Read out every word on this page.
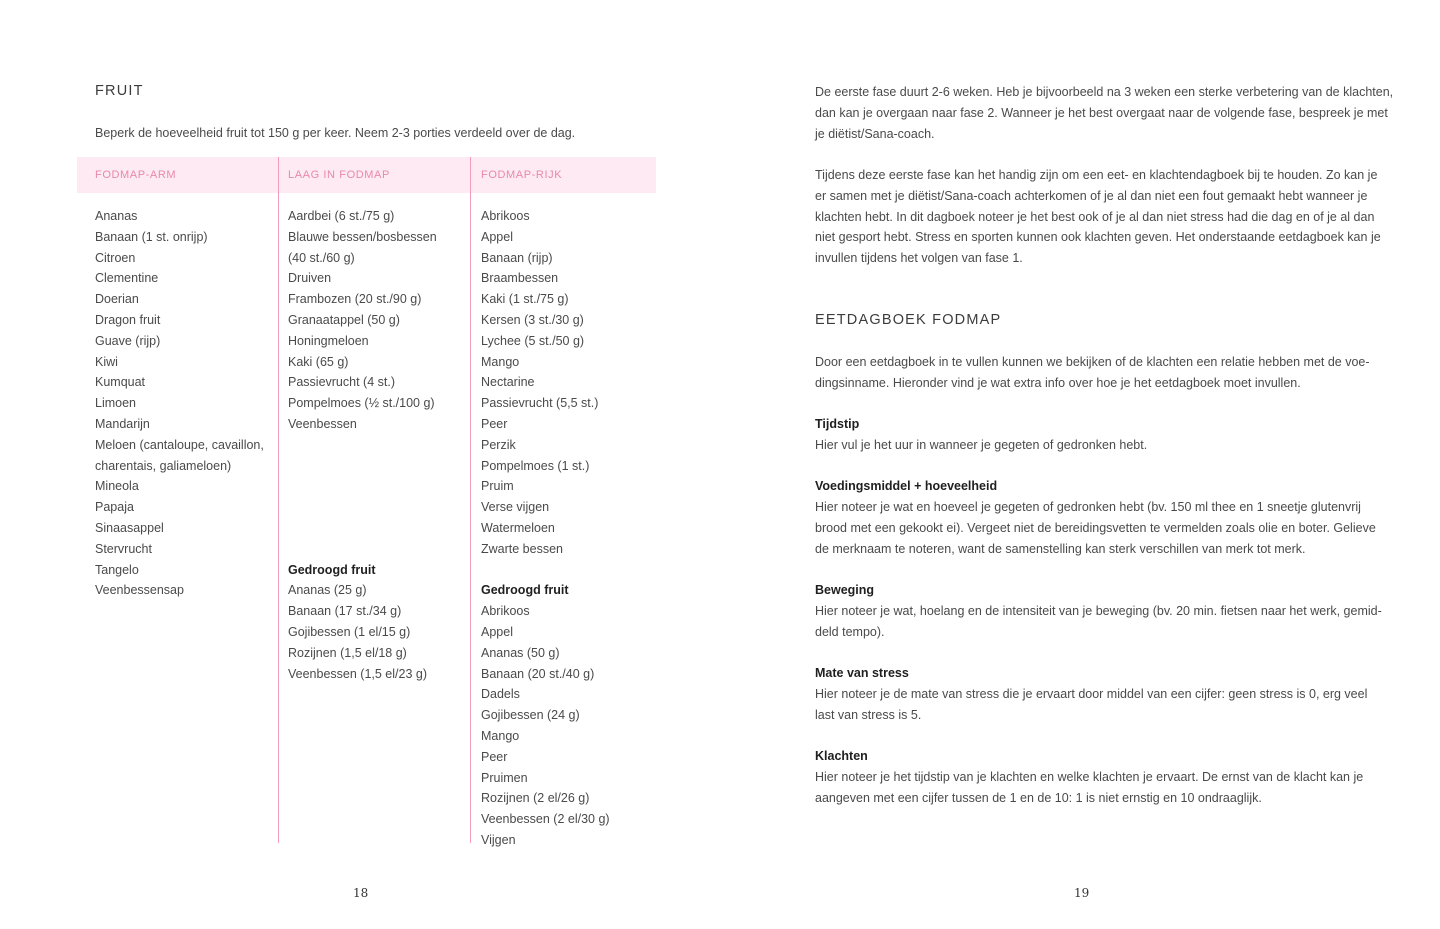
FRUIT

Beperk de hoeveelheid fruit tot 150 g per keer. Neem 2-3 porties verdeeld over de dag.

FODMAP-ARM	LAAG IN FODMAP	FODMAP-RIJK

Ananas
Banaan (1 st. onrijp)
Citroen
Clementine
Doerian
Dragon fruit
Guave (rijp)
Kiwi
Kumquat
Limoen
Mandarijn
Meloen (cantaloupe, cavaillon,
charentais, galiameloen)
Mineola
Papaja
Sinaasappel
Stervrucht
Tangelo
Veenbessensap
Aardbei (6 st./75 g)
Blauwe bessen/bosbessen
(40 st./60 g)
Druiven
Frambozen (20 st./90 g)
Granaatappel (50 g)
Honingmeloen
Kaki (65 g)
Passievrucht (4 st.)
Pompelmoes (½ st./100 g)
Veenbessen
Gedroogd fruit
Ananas (25 g)
Banaan (17 st./34 g)
Gojibessen (1 el/15 g)
Rozijnen (1,5 el/18 g)
Veenbessen (1,5 el/23 g)
Abrikoos
Appel
Banaan (rijp)
Braambessen
Kaki (1 st./75 g)
Kersen (3 st./30 g)
Lychee (5 st./50 g)
Mango
Nectarine
Passievrucht (5,5 st.)
Peer
Perzik
Pompelmoes (1 st.)
Pruim
Verse vijgen
Watermeloen
Zwarte bessen
Gedroogd fruit
Abrikoos
Appel
Ananas (50 g)
Banaan (20 st./40 g)
Dadels
Gojibessen (24 g)
Mango
Peer
Pruimen
Rozijnen (2 el/26 g)
Veenbessen (2 el/30 g)
Vijgen

18

De eerste fase duurt 2-6 weken. Heb je bijvoorbeeld na 3 weken een sterke verbetering van de klachten,
dan kan je overgaan naar fase 2. Wanneer je het best overgaat naar de volgende fase, bespreek je met
je diëtist/Sana-coach.
Tijdens deze eerste fase kan het handig zijn om een eet- en klachtendagboek bij te houden. Zo kan je
er samen met je diëtist/Sana-coach achterkomen of je al dan niet een fout gemaakt hebt wanneer je
klachten hebt. In dit dagboek noteer je het best ook of je al dan niet stress had die dag en of je al dan
niet gesport hebt. Stress en sporten kunnen ook klachten geven. Het onderstaande eetdagboek kan je
invullen tijdens het volgen van fase 1.
EETDAGBOEK FODMAP
Door een eetdagboek in te vullen kunnen we bekijken of de klachten een relatie hebben met de voe-
dingsinname. Hieronder vind je wat extra info over hoe je het eetdagboek moet invullen.

Tijdstip

Hier vul je het uur in wanneer je gegeten of gedronken hebt.

Voedingsmiddel + hoeveelheid

Hier noteer je wat en hoeveel je gegeten of gedronken hebt (bv. 150 ml thee en 1 sneetje glutenvrij
brood met een gekookt ei). Vergeet niet de bereidingsvetten te vermelden zoals olie en boter. Gelieve
de merknaam te noteren, want de samenstelling kan sterk verschillen van merk tot merk.

Beweging

Hier noteer je wat, hoelang en de intensiteit van je beweging (bv. 20 min. fietsen naar het werk, gemid-
deld tempo).

Mate van stress

Hier noteer je de mate van stress die je ervaart door middel van een cijfer: geen stress is 0, erg veel
last van stress is 5.

Klachten

Hier noteer je het tijdstip van je klachten en welke klachten je ervaart. De ernst van de klacht kan je
aangeven met een cijfer tussen de 1 en de 10: 1 is niet ernstig en 10 ondraaglijk.

19
